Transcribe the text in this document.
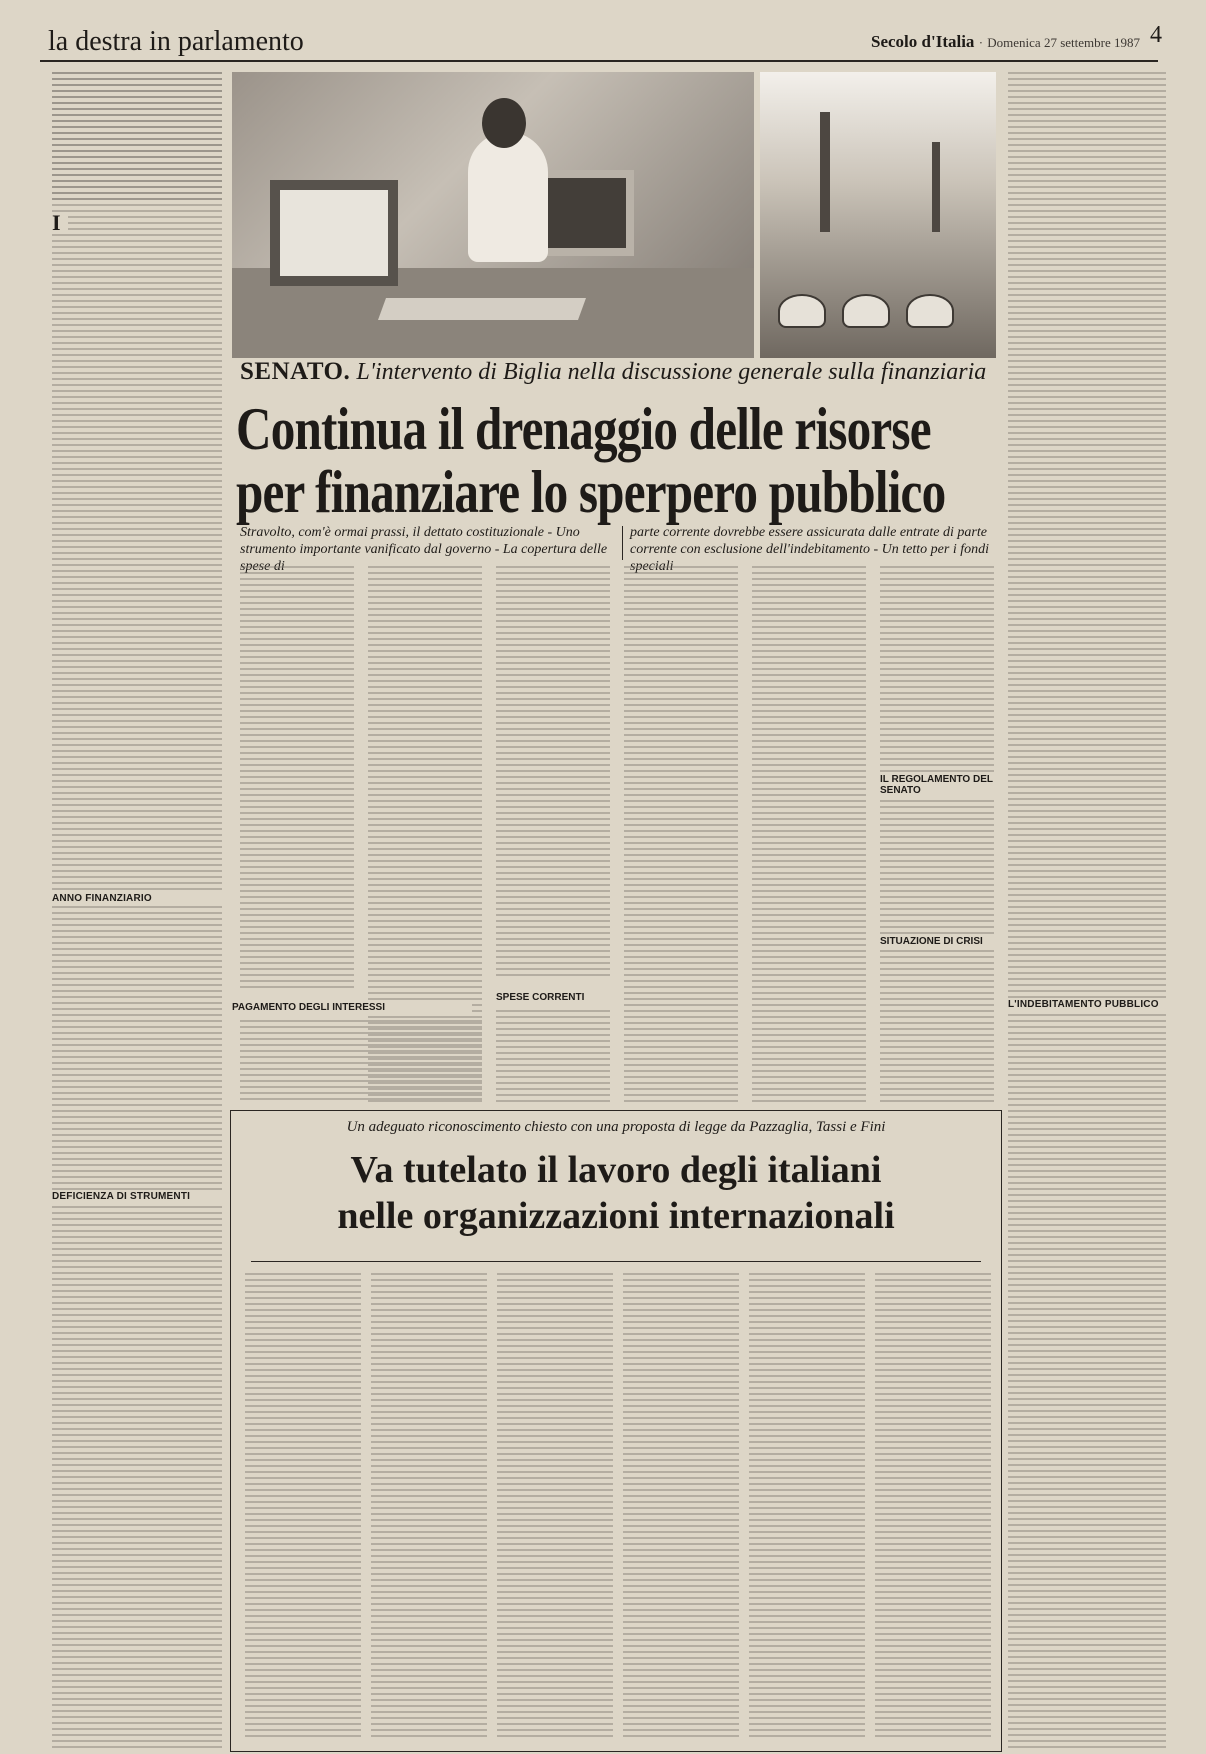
la destra in parlamento	Secolo d'Italia · Domenica 27 settembre 1987 4
I
ANNO FINANZIARIO
DEFICIENZA DI STRUMENTI

SENATO. L'intervento di Biglia nella discussione generale sulla finanziaria

Continua il drenaggio delle risorse
per finanziare lo sperpero pubblico

Stravolto, com'è ormai prassi, il dettato costituzionale - Uno strumento importante vanificato dal governo - La copertura delle spese di

parte corrente dovrebbe essere assicurata dalle entrate di parte corrente con esclusione dell'indebitamento - Un tetto per i fondi speciali

PAGAMENTO DEGLI INTERESSI
SPESE CORRENTI
IL REGOLAMENTO DEL SENATO
SITUAZIONE DI CRISI
L'INDEBITAMENTO PUBBLICO

Un adeguato riconoscimento chiesto con una proposta di legge da Pazzaglia, Tassi e Fini

Va tutelato il lavoro degli italiani
nelle organizzazioni internazionali
